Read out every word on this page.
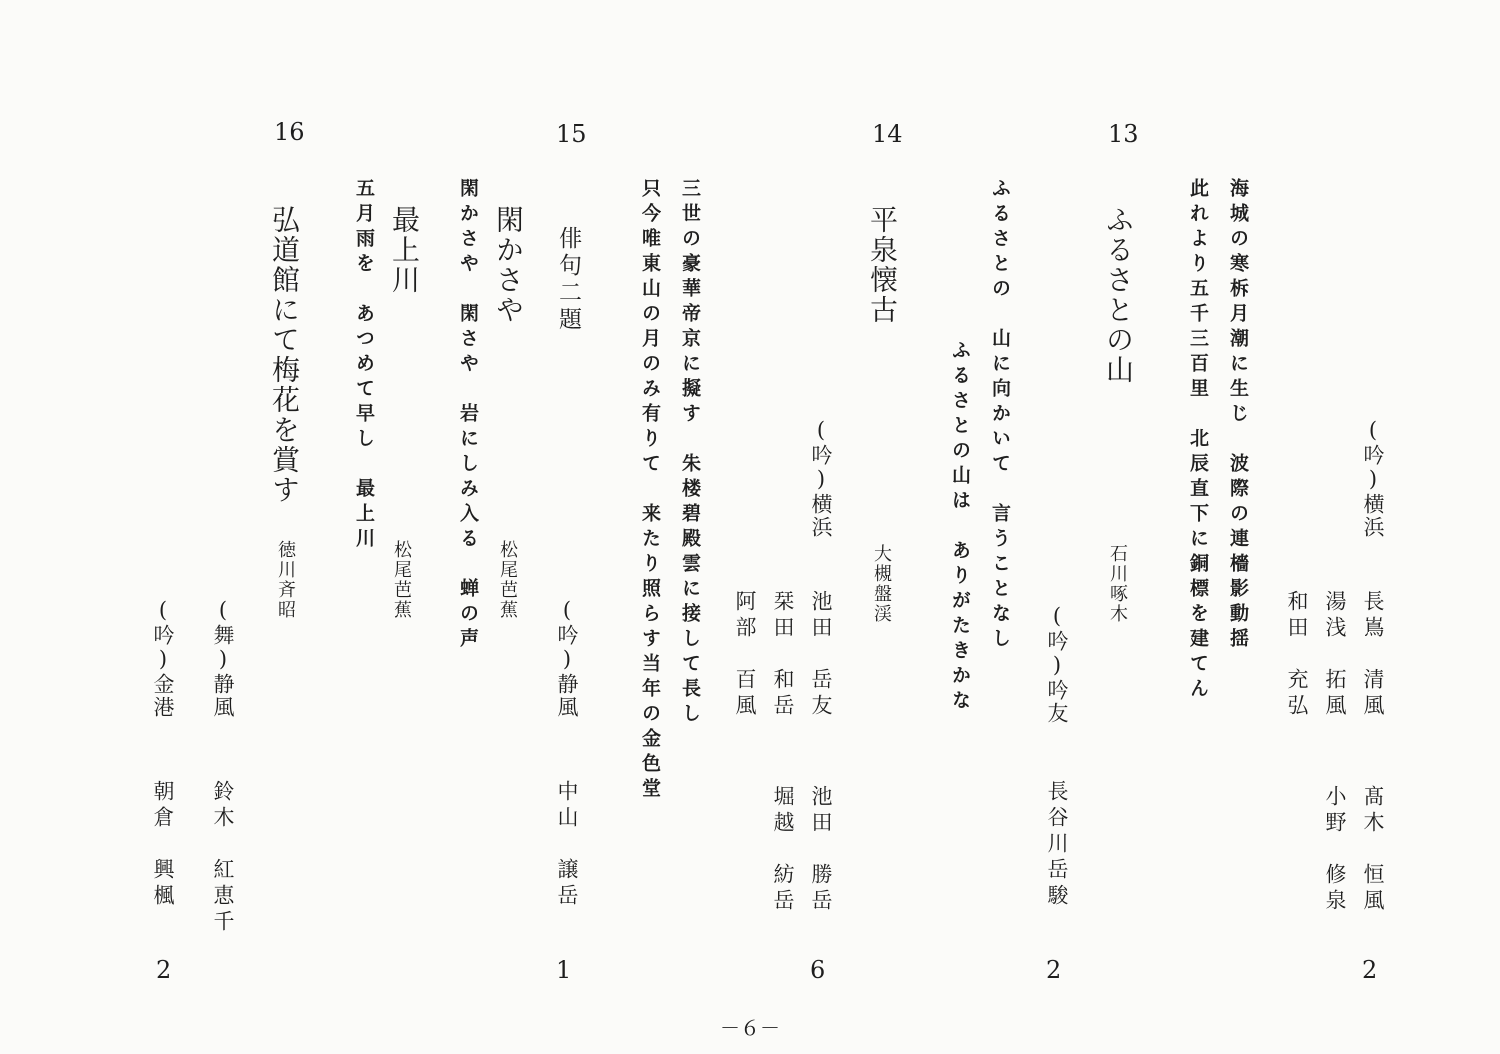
(吟)横浜
長嶌　清風
髙木　恒風
湯浅　拓風
小野　修泉
和田　充弘
2
海城の寒柝月潮に生じ　波際の連檣影動揺
此れより五千三百里　北辰直下に銅標を建てん
13
ふるさとの山
石川啄木
ふるさとの　山に向かいて　言うことなし
ふるさとの山は　ありがたきかな	(吟)吟友
長谷川岳駿
2
14
平泉懐古
大槻盤渓
(吟)横浜
池田　岳友
池田　勝岳
栞田　和岳
堀越　紡岳
阿部　百風
6
三世の豪華帝京に擬す　朱楼碧殿雲に接して長し
只今唯東山の月のみ有りて　来たり照らす当年の金色堂
15
俳句二題
(吟)静風
中山　譲岳
1
閑かさや
閑かさや　閑さや　岩にしみ入る　蝉の声 松尾芭蕉
最上川
五月雨を　あつめて早し　最上川
松尾芭蕉
16
弘道館にて梅花を賞す
徳川斉昭
(舞)静風
鈴木　紅恵千
(吟)金港
朝倉　興楓
2
－６－
